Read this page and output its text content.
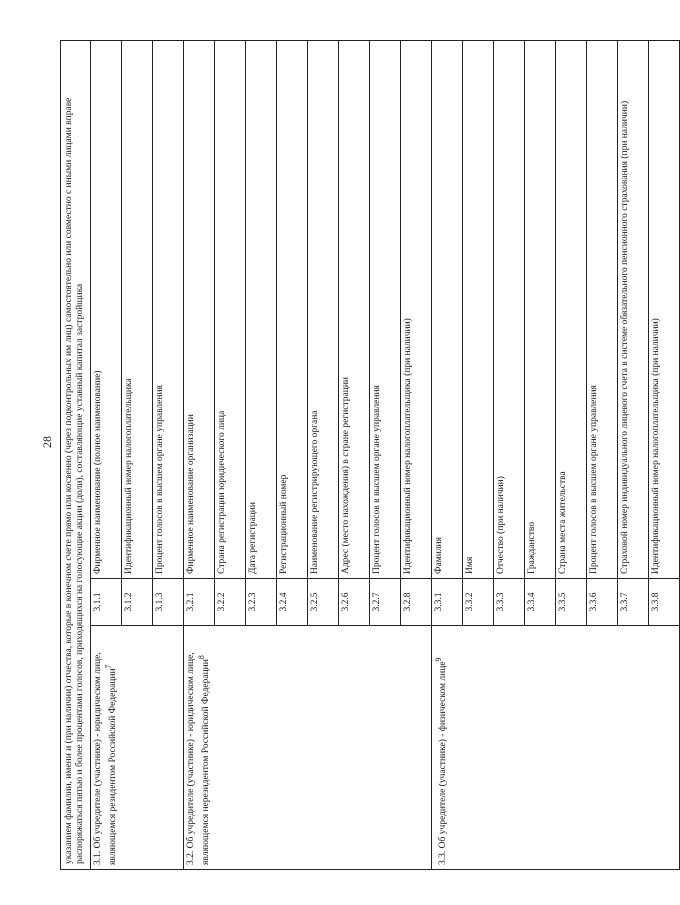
28 указанием фамилии, имени и (при наличии) отчества, которые в конечном счете прямо или косвенно (через подконтрольных им лиц) самостоятельно или совместно с иными лицами вправе распоряжаться пятью и более процентами голосов, приходящихся на голосующие акции (доли), составляющие уставный капитал застройщика		
3.1. Об учредителе (участнике) - юридическом лице, являющемся резидентом Российской Федерации$^7$	3.1.1	Фирменное наименование (полное наименование)
	3.1.2	Идентификационный номер налогоплательщика
	3.1.3	Процент голосов в высшем органе управления
3.2. Об учредителе (участнике) - юридическом лице, являющемся нерезидентом Российской Федерации$^8$	3.2.1	Фирменное наименование организации
	3.2.2	Страна регистрации юридического лица
	3.2.3	Дата регистрации
	3.2.4	Регистрационный номер
	3.2.5	Наименование регистрирующего органа
	3.2.6	Адрес (место нахождения) в стране регистрации
	3.2.7	Процент голосов в высшем органе управления
	3.2.8	Идентификационный номер налогоплательщика (при наличии)
3.3. Об учредителе (участнике) - физическом лице$^9$	3.3.1	Фамилия
	3.3.2	Имя
	3.3.3	Отчество (при наличии)
	3.3.4	Гражданство
	3.3.5	Страна места жительства
	3.3.6	Процент голосов в высшем органе управления
	3.3.7	Страховой номер индивидуального лицевого счета в системе обязательного пенсионного страхования (при наличии)
	3.3.8	Идентификационный номер налогоплательщика (при наличии)
